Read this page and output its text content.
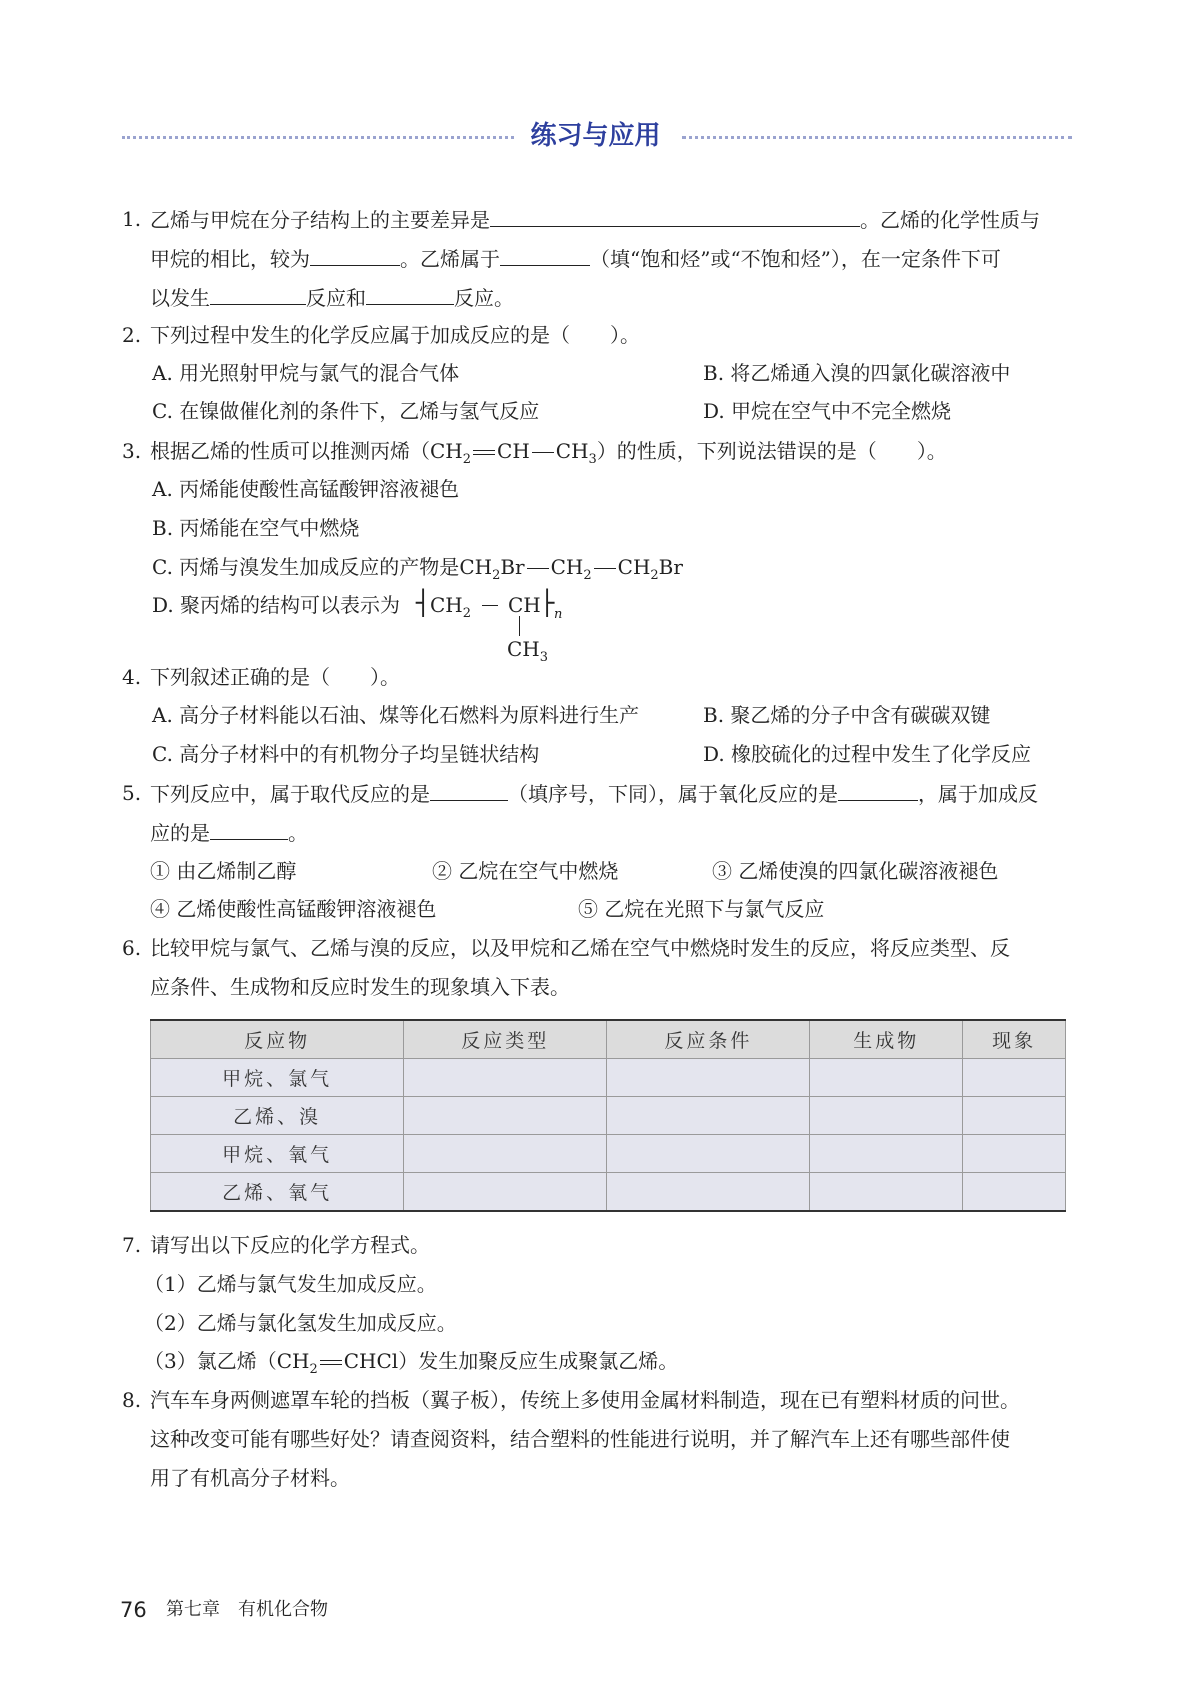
练习与应用
1. 乙烯与甲烷在分子结构上的主要差异是	。乙烯的化学性质与
甲烷的相比，较为	。乙烯属于	（填“饱和烃”或“不饱和烃”），在一定条件下可
以发生	反应和	反应。
2. 下列过程中发生的化学反应属于加成反应的是（ ）。
A. 用光照射甲烷与氯气的混合气体	B. 将乙烯通入溴的四氯化碳溶液中
C. 在镍做催化剂的条件下，乙烯与氢气反应	D. 甲烷在空气中不完全燃烧
3. 根据乙烯的性质可以推测丙烯（$CH_2$ CH $CH_3$）的性质，下列说法错误的是（ ）。
A. 丙烯能使酸性高锰酸钾溶液褪色
B. 丙烯能在空气中燃烧
C. 丙烯与溴发生加成反应的产物是$CH_2Br$ $CH_2$ $CH_2Br$
D. 聚丙烯的结构可以表示为 ┤ $CH_2$ CH ├ n
$CH_3$
4. 下列叙述正确的是（ ）。
A. 高分子材料能以石油、煤等化石燃料为原料进行生产	B. 聚乙烯的分子中含有碳碳双键
C. 高分子材料中的有机物分子均呈链状结构	D. 橡胶硫化的过程中发生了化学反应
5. 下列反应中，属于取代反应的是	（填序号，下同），属于氧化反应的是	，属于加成反
应的是	。
① 由乙烯制乙醇	② 乙烷在空气中燃烧	③ 乙烯使溴的四氯化碳溶液褪色
④ 乙烯使酸性高锰酸钾溶液褪色	⑤ 乙烷在光照下与氯气反应
6. 比较甲烷与氯气、乙烯与溴的反应，以及甲烷和乙烯在空气中燃烧时发生的反应，将反应类型、反
应条件、生成物和反应时发生的现象填入下表。
反应物	反应类型	反应条件	生成物	现象
甲烷、氯气				
乙烯、溴				
甲烷、氧气				
乙烯、氧气				
7. 请写出以下反应的化学方程式。
（1）乙烯与氯气发生加成反应。
（2）乙烯与氯化氢发生加成反应。
（3）氯乙烯（$CH_2$ CHCl）发生加聚反应生成聚氯乙烯。
8. 汽车车身两侧遮罩车轮的挡板（翼子板），传统上多使用金属材料制造，现在已有塑料材质的问世。
这种改变可能有哪些好处？请查阅资料，结合塑料的性能进行说明，并了解汽车上还有哪些部件使
用了有机高分子材料。
76 第七章　有机化合物
